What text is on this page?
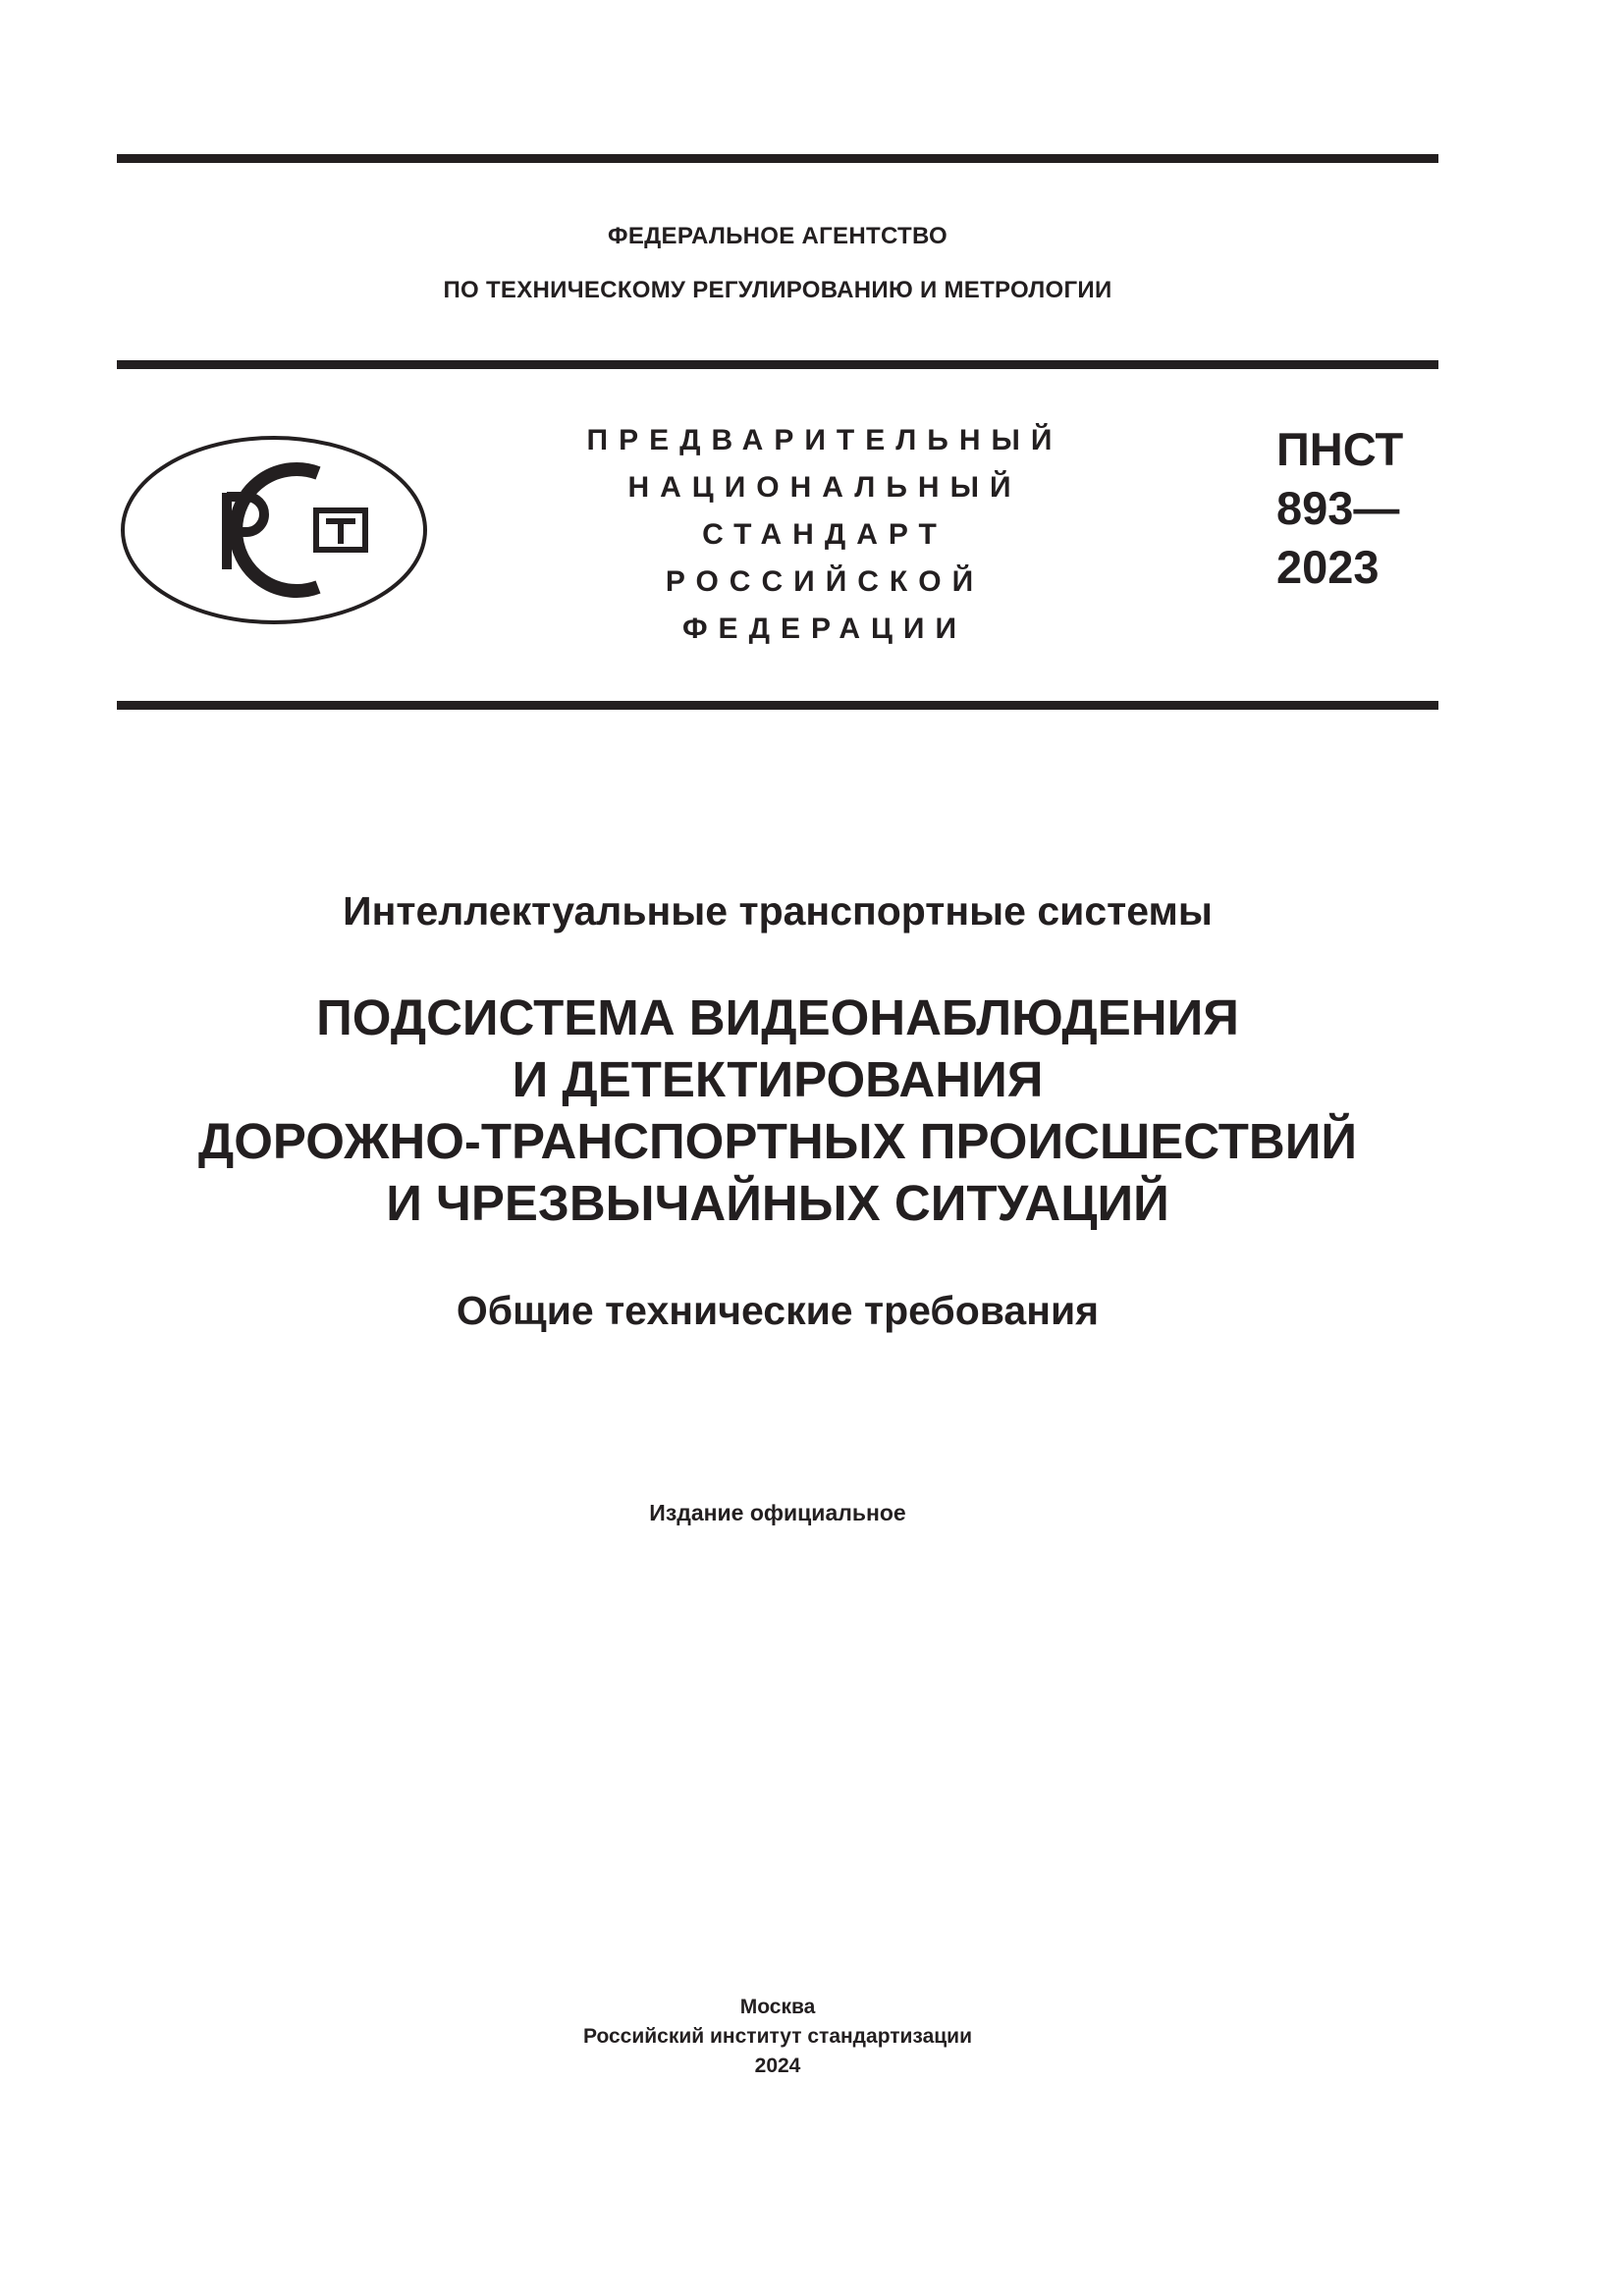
ФЕДЕРАЛЬНОЕ АГЕНТСТВО
ПО ТЕХНИЧЕСКОМУ РЕГУЛИРОВАНИЮ И МЕТРОЛОГИИ
ПРЕДВАРИТЕЛЬНЫЙ
НАЦИОНАЛЬНЫЙ
СТАНДАРТ
РОССИЙСКОЙ
ФЕДЕРАЦИИ
ПНСТ
893—
2023
Интеллектуальные транспортные системы
ПОДСИСТЕМА ВИДЕОНАБЛЮДЕНИЯ
И ДЕТЕКТИРОВАНИЯ
ДОРОЖНО-ТРАНСПОРТНЫХ ПРОИСШЕСТВИЙ
И ЧРЕЗВЫЧАЙНЫХ СИТУАЦИЙ
Общие технические требования
Издание официальное
Москва
Российский институт стандартизации
2024
